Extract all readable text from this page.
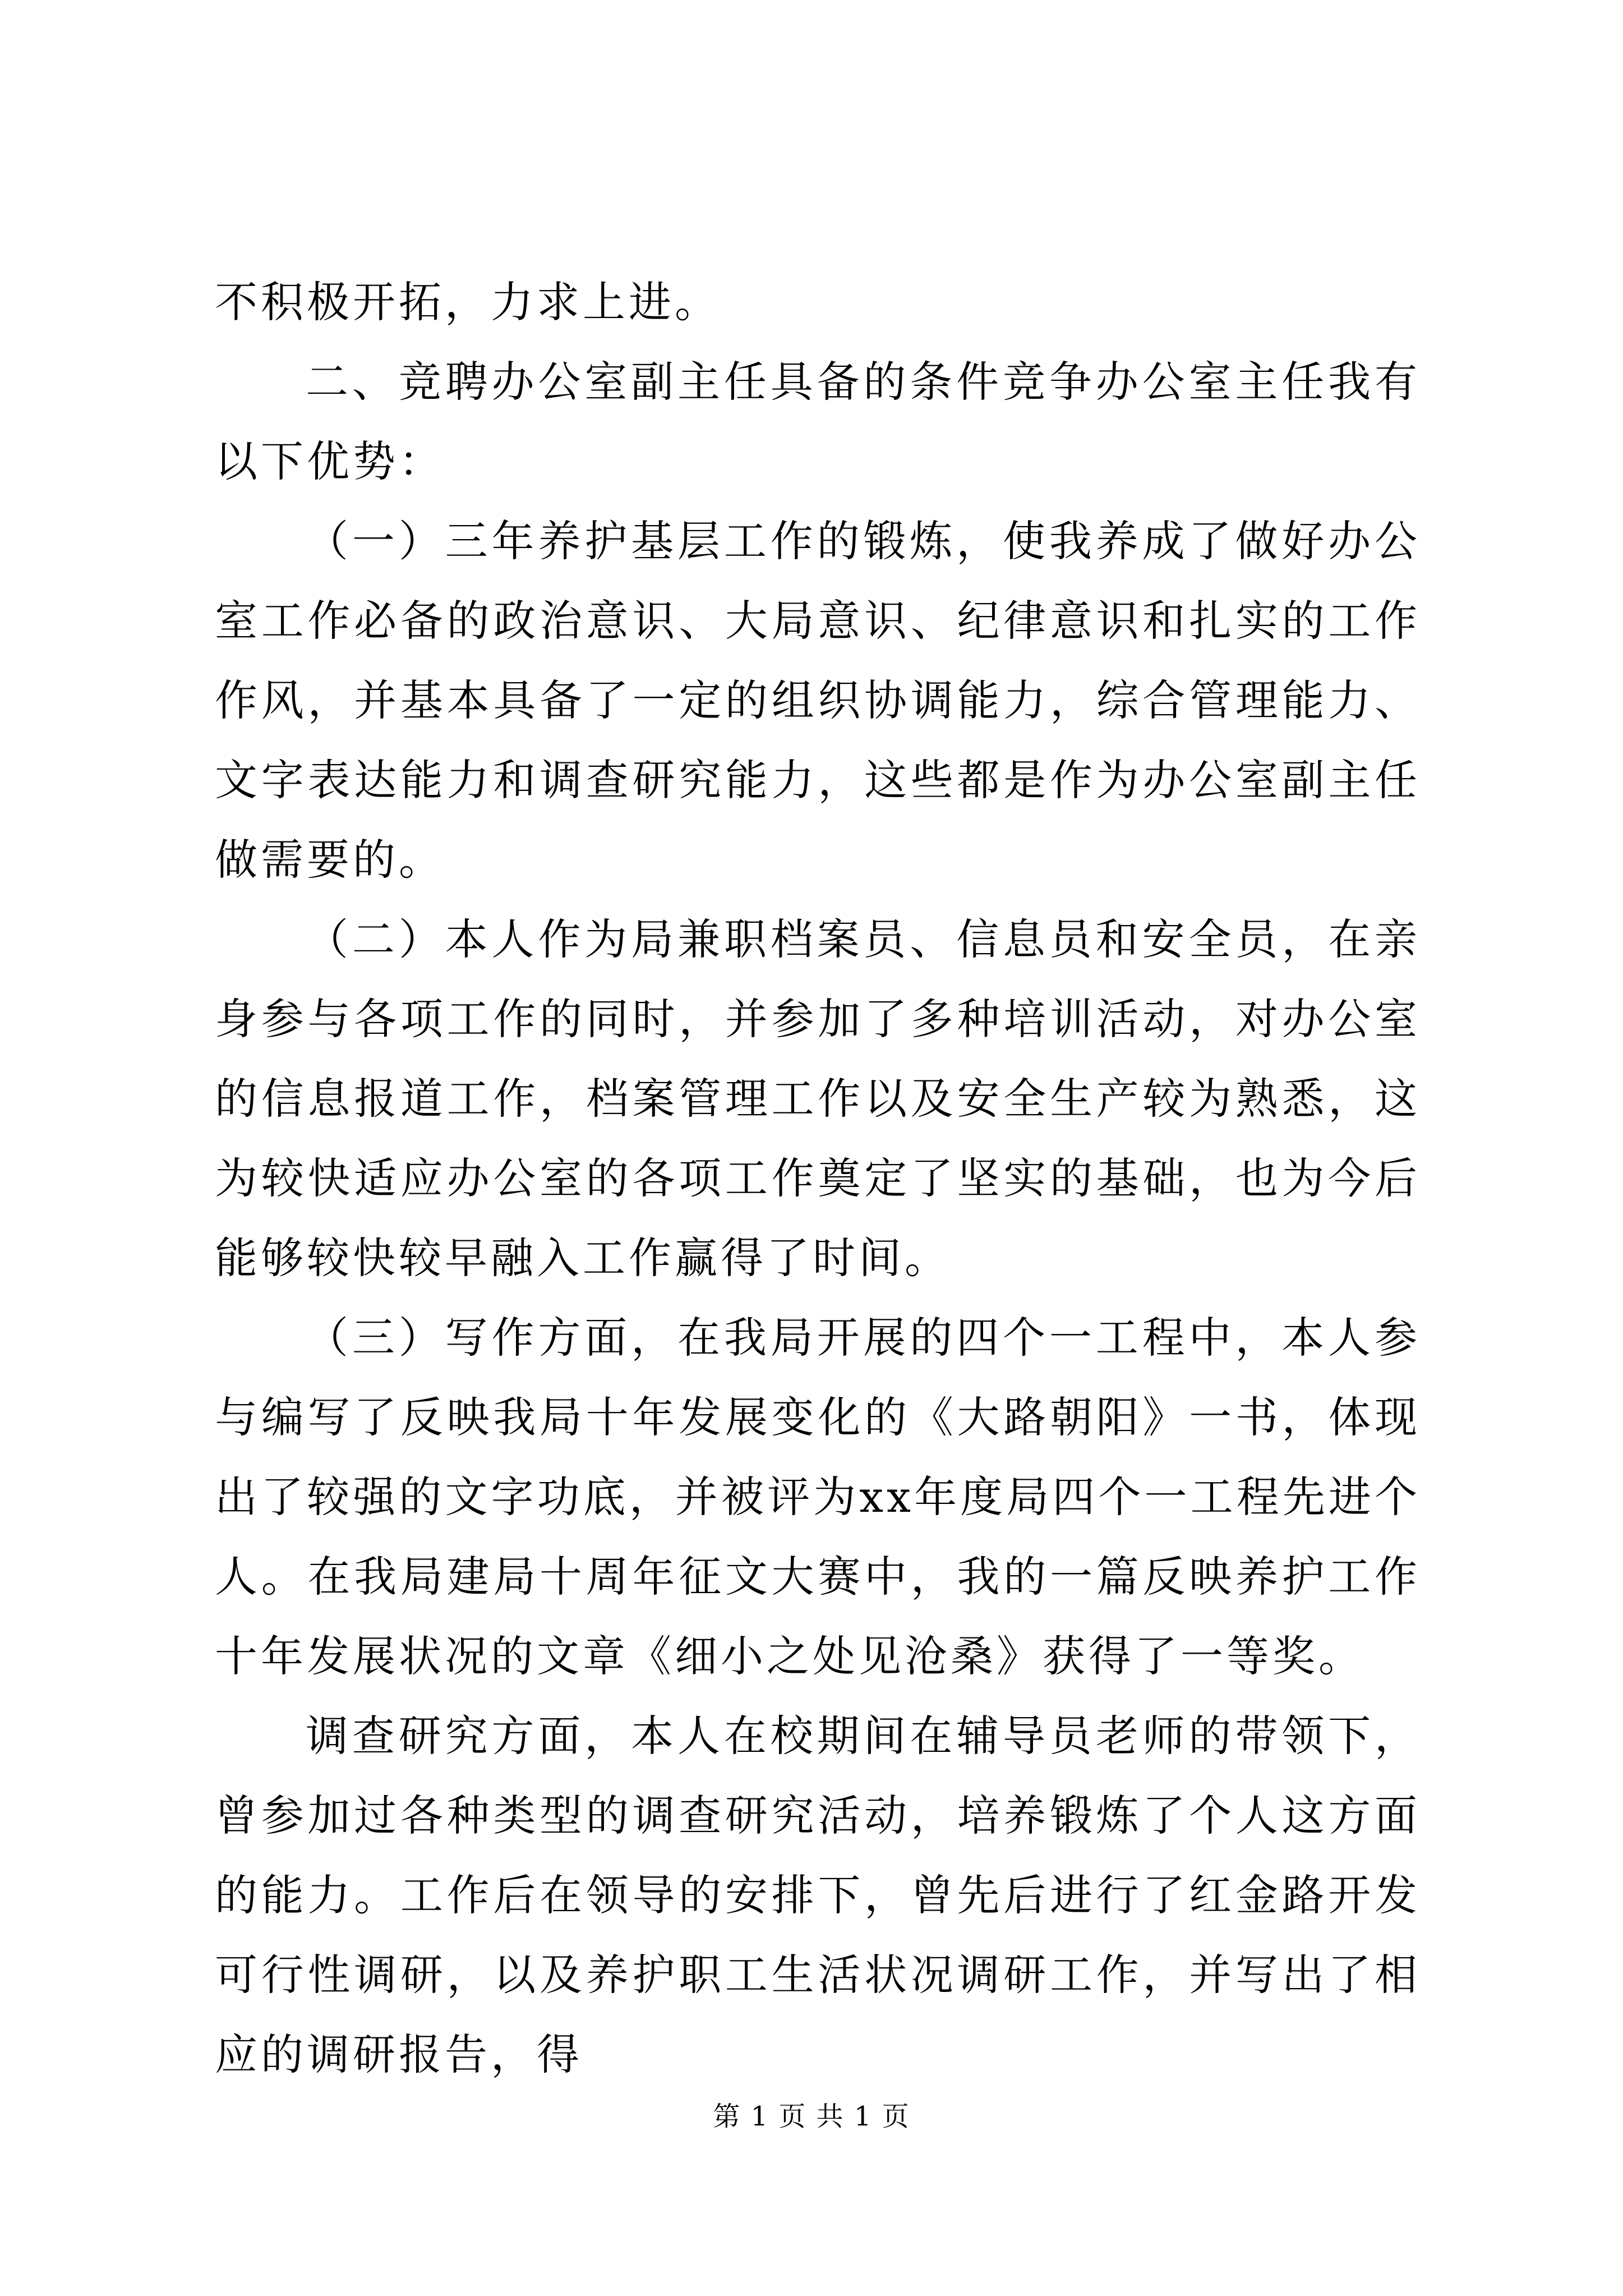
不积极开拓，力求上进。

二、竞聘办公室副主任具备的条件竞争办公室主任我有以下优势：

（一）三年养护基层工作的锻炼，使我养成了做好办公室工作必备的政治意识、大局意识、纪律意识和扎实的工作作风，并基本具备了一定的组织协调能力，综合管理能力、文字表达能力和调查研究能力，这些都是作为办公室副主任做需要的。

（二）本人作为局兼职档案员、信息员和安全员，在亲身参与各项工作的同时，并参加了多种培训活动，对办公室的信息报道工作，档案管理工作以及安全生产较为熟悉，这为较快适应办公室的各项工作奠定了坚实的基础，也为今后能够较快较早融入工作赢得了时间。

（三）写作方面，在我局开展的四个一工程中，本人参与编写了反映我局十年发展变化的《大路朝阳》一书，体现出了较强的文字功底，并被评为xx年度局四个一工程先进个人。在我局建局十周年征文大赛中，我的一篇反映养护工作十年发展状况的文章《细小之处见沧桑》获得了一等奖。

调查研究方面，本人在校期间在辅导员老师的带领下，曾参加过各种类型的调查研究活动，培养锻炼了个人这方面的能力。工作后在领导的安排下，曾先后进行了红金路开发可行性调研，以及养护职工生活状况调研工作，并写出了相应的调研报告，得

第 1 页 共 1 页
